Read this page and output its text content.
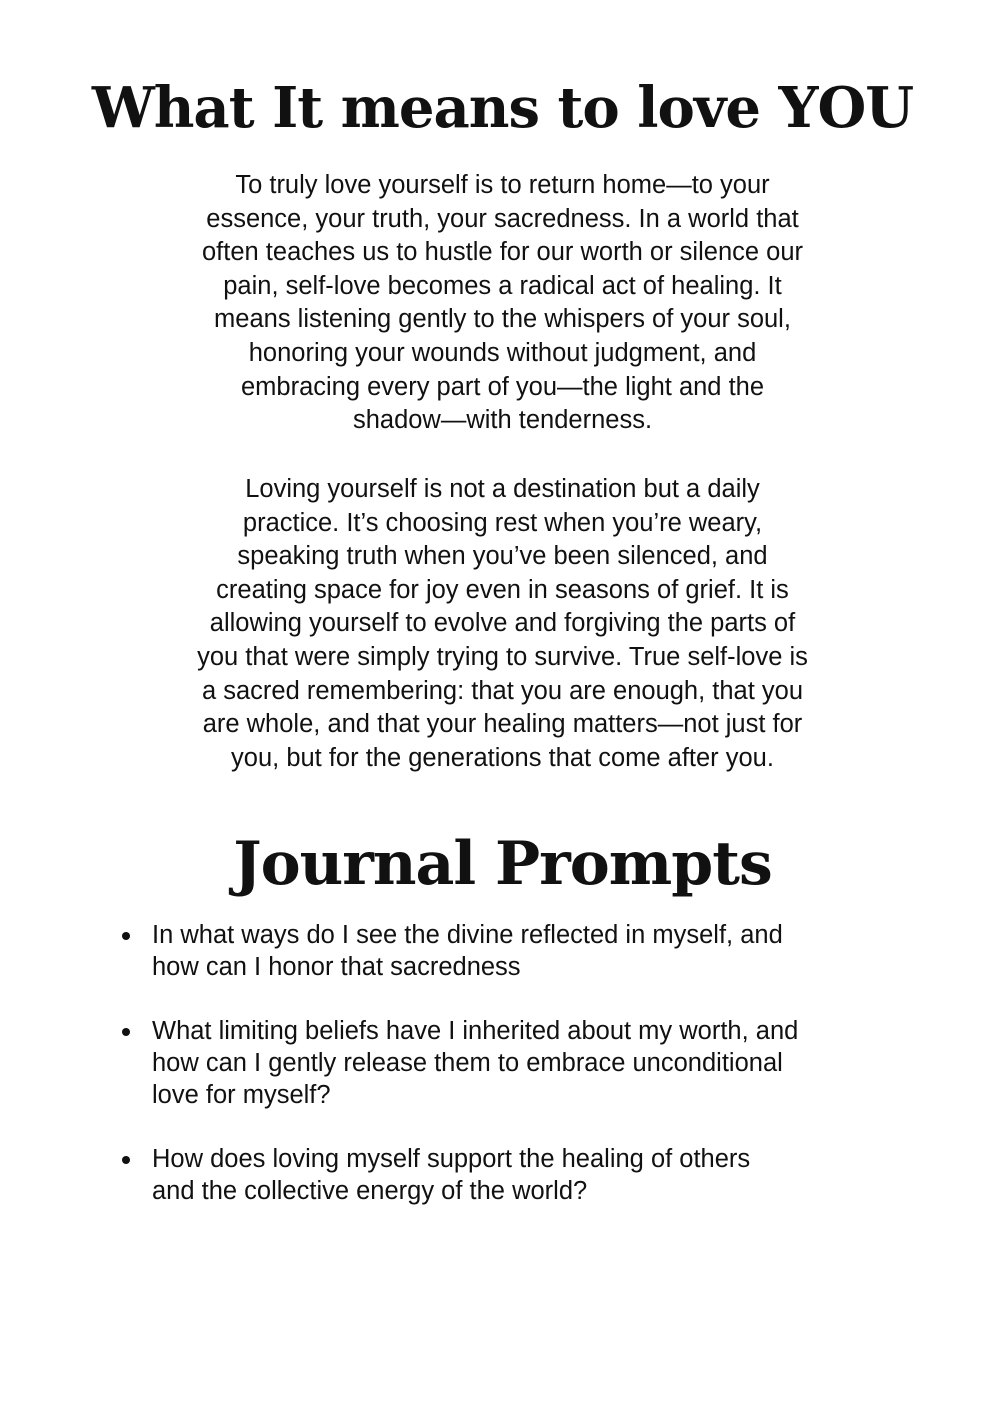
What It means to love YOU
To truly love yourself is to return home—to your
essence, your truth, your sacredness. In a world that
often teaches us to hustle for our worth or silence our
pain, self-love becomes a radical act of healing. It
means listening gently to the whispers of your soul,
honoring your wounds without judgment, and
embracing every part of you—the light and the
shadow—with tenderness.
Loving yourself is not a destination but a daily
practice. It’s choosing rest when you’re weary,
speaking truth when you’ve been silenced, and
creating space for joy even in seasons of grief. It is
allowing yourself to evolve and forgiving the parts of
you that were simply trying to survive. True self-love is
a sacred remembering: that you are enough, that you
are whole, and that your healing matters—not just for
you, but for the generations that come after you.
Journal Prompts
In what ways do I see the divine reflected in myself, and
how can I honor that sacredness
What limiting beliefs have I inherited about my worth, and
how can I gently release them to embrace unconditional
love for myself?
How does loving myself support the healing of others
and the collective energy of the world?
